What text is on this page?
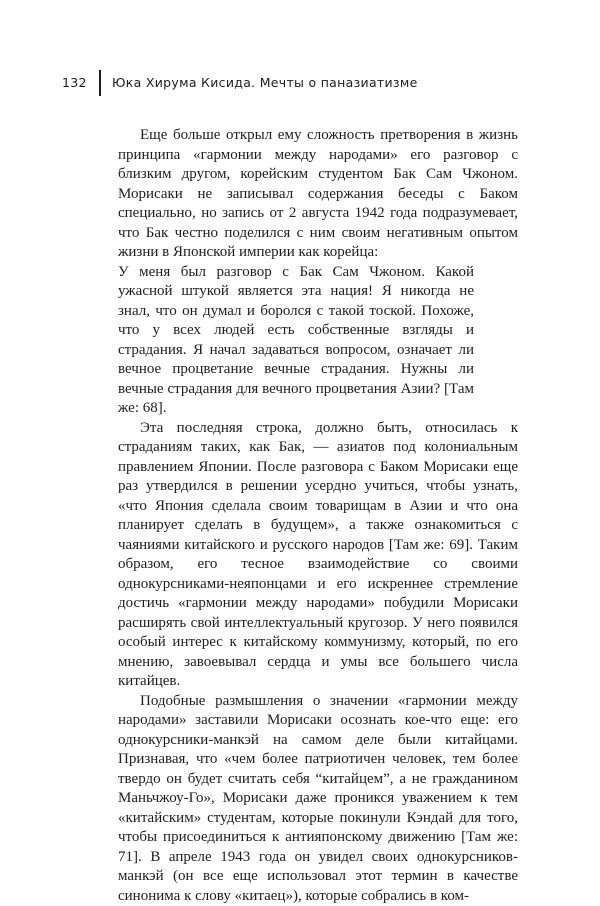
132 Юка Хирума Кисида. Мечты о паназиатизме

Еще больше открыл ему сложность претворения в жизнь принципа «гармонии между народами» его разговор с близким другом, корейским студентом Бак Сам Чжоном. Морисаки не записывал содержания беседы с Баком специально, но запись от 2 августа 1942 года подразумевает, что Бак честно поделился с ним своим негативным опытом жизни в Японской империи как корейца:

У меня был разговор с Бак Сам Чжоном. Какой ужасной штукой является эта нация! Я никогда не знал, что он думал и боролся с такой тоской. Похоже, что у всех людей есть собственные взгляды и страдания. Я начал задаваться вопросом, означает ли вечное процветание вечные страдания. Нужны ли вечные страдания для вечного процветания Азии? [Там же: 68].

Эта последняя строка, должно быть, относилась к страданиям таких, как Бак, — азиатов под колониальным правлением Японии. После разговора с Баком Морисаки еще раз утвердился в решении усердно учиться, чтобы узнать, «что Япония сделала своим товарищам в Азии и что она планирует сделать в будущем», а также ознакомиться с чаяниями китайского и русского народов [Там же: 69]. Таким образом, его тесное взаимодействие со своими однокурсниками-неяпонцами и его искреннее стремление достичь «гармонии между народами» побудили Морисаки расширять свой интеллектуальный кругозор. У него появился особый интерес к китайскому коммунизму, который, по его мнению, завоевывал сердца и умы все большего числа китайцев.

Подобные размышления о значении «гармонии между народами» заставили Морисаки осознать кое-что еще: его однокурсники-манкэй на самом деле были китайцами. Признавая, что «чем более патриотичен человек, тем более твердо он будет считать себя “китайцем”, а не гражданином Маньчжоу-Го», Морисаки даже проникся уважением к тем «китайским» студентам, которые покинули Кэндай для того, чтобы присоединиться к антияпонскому движению [Там же: 71]. В апреле 1943 года он увидел своих однокурсников-манкэй (он все еще использовал этот термин в качестве синонима к слову «китаец»), которые собрались в ком-
